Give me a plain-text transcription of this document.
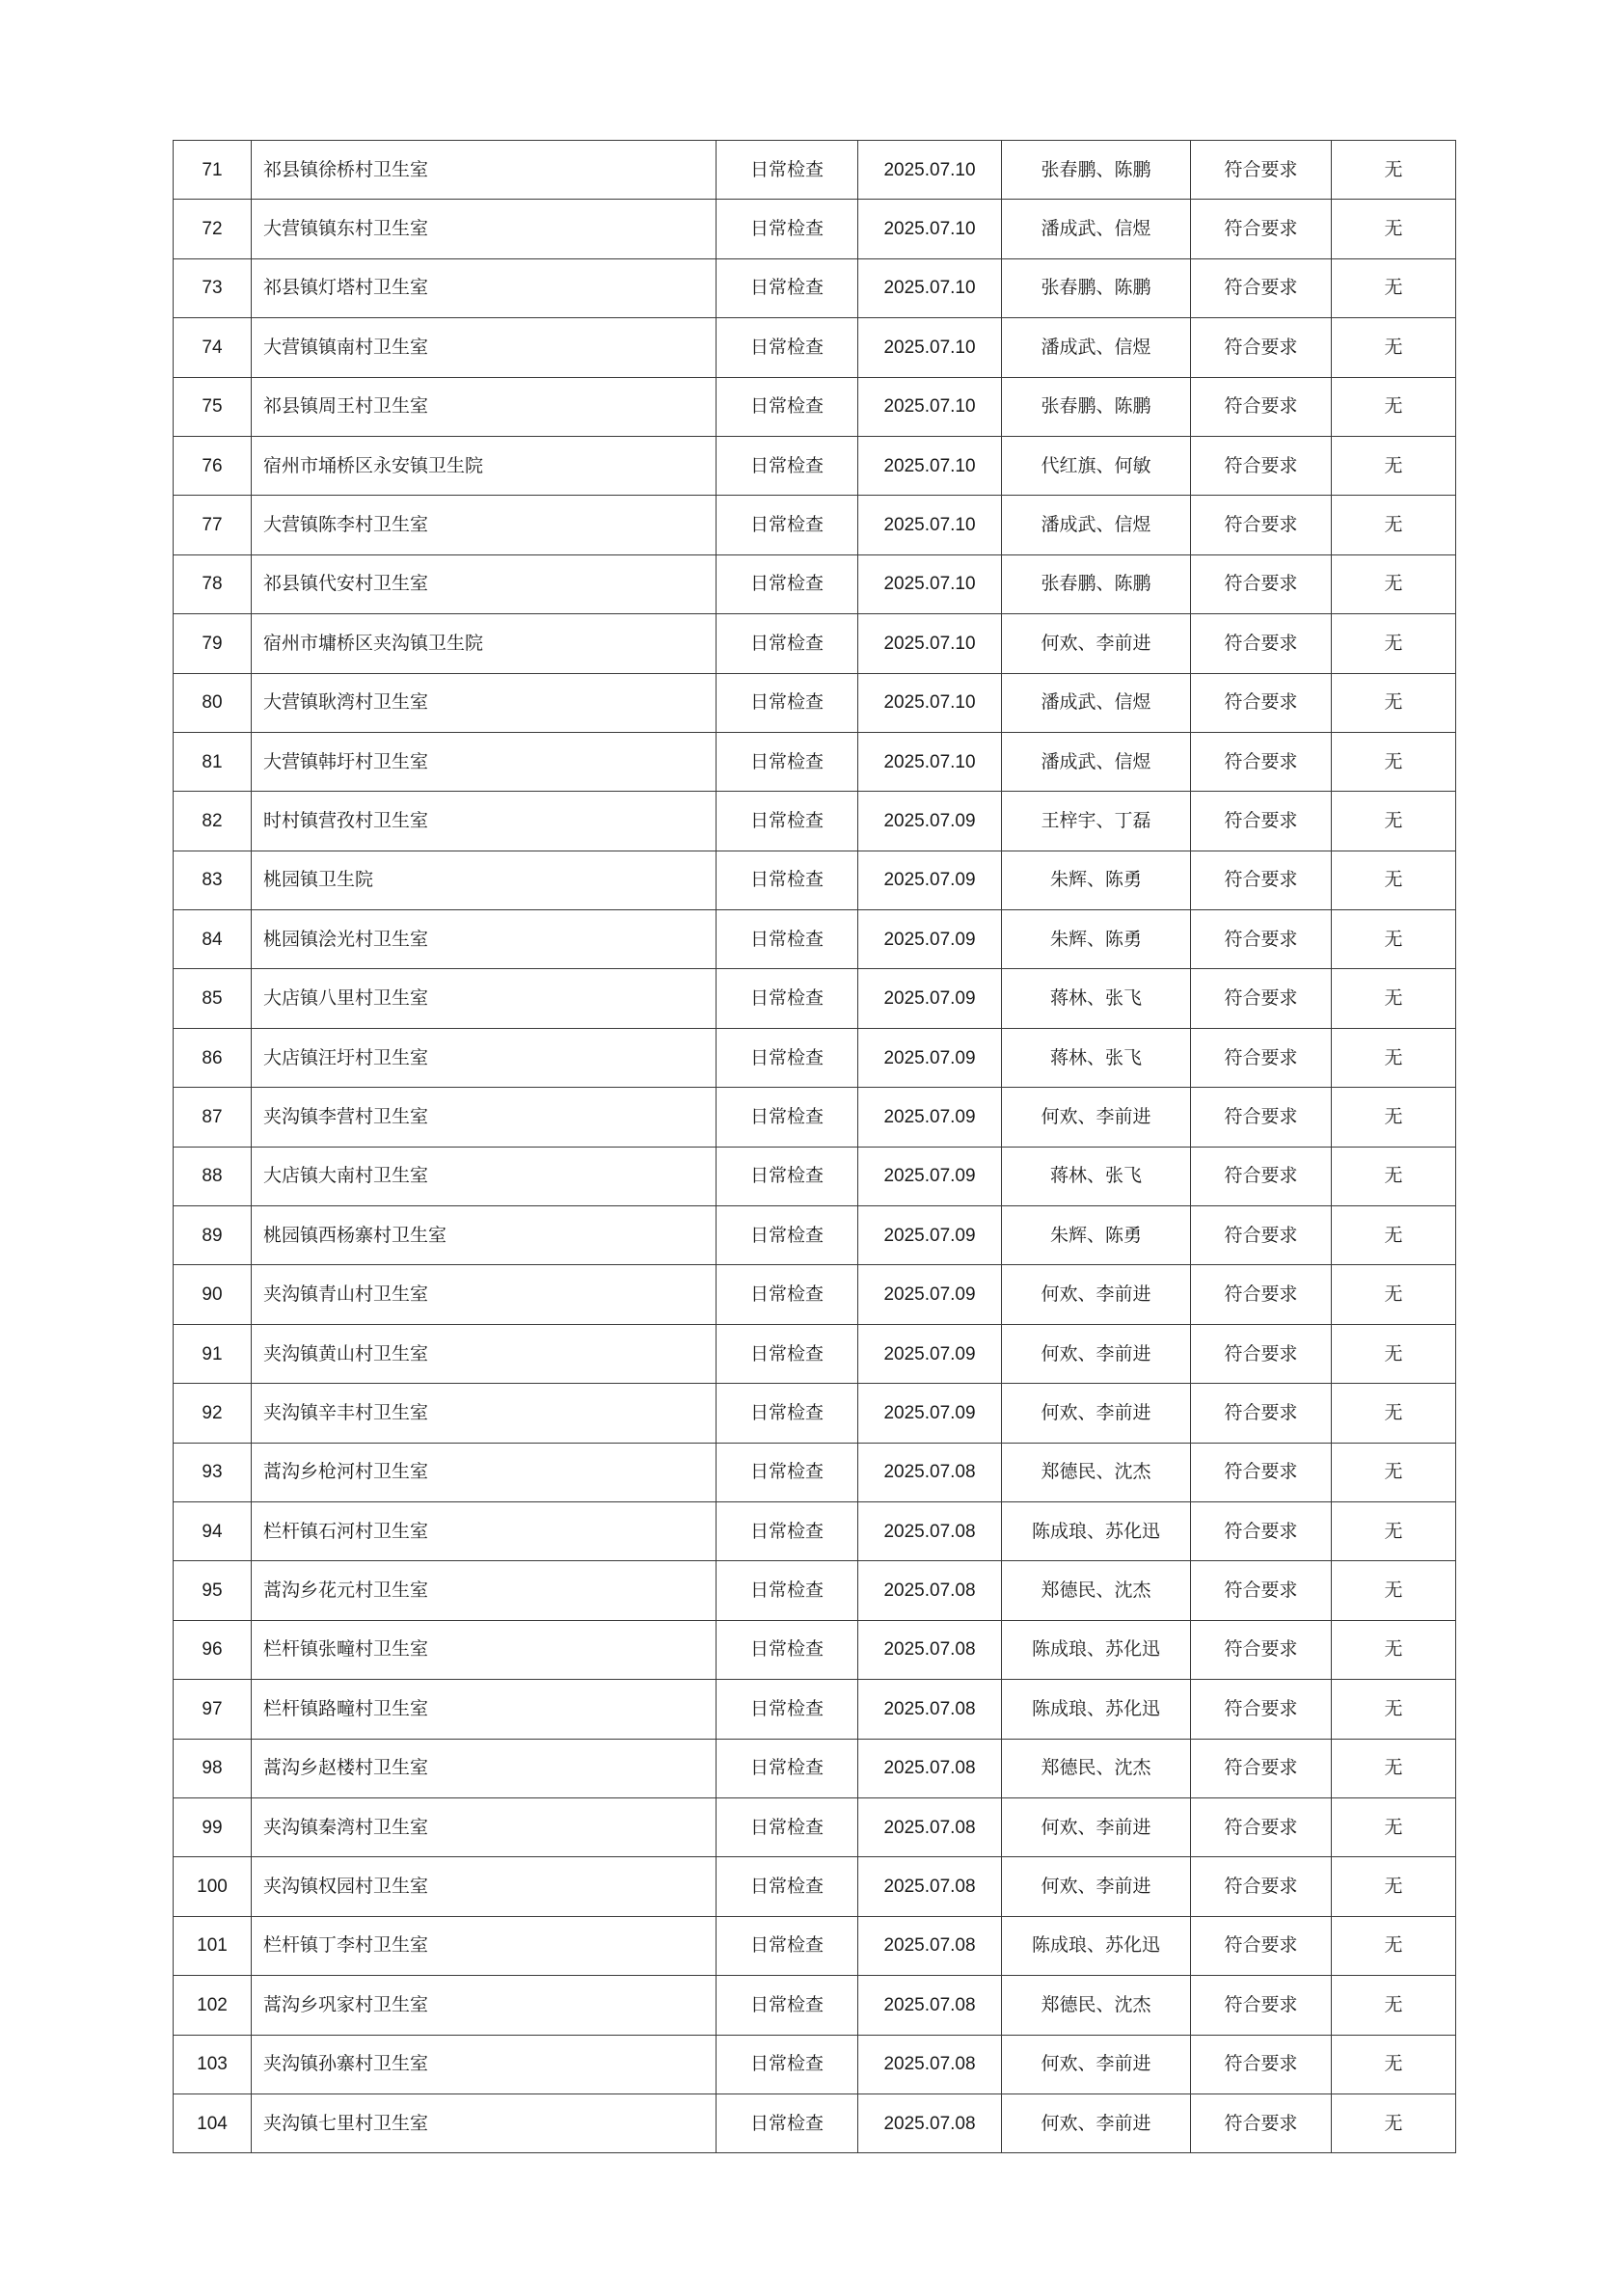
71	祁县镇徐桥村卫生室	日常检查	2025.07.10	张春鹏、陈鹏	符合要求	无
72	大营镇镇东村卫生室	日常检查	2025.07.10	潘成武、信煜	符合要求	无
73	祁县镇灯塔村卫生室	日常检查	2025.07.10	张春鹏、陈鹏	符合要求	无
74	大营镇镇南村卫生室	日常检查	2025.07.10	潘成武、信煜	符合要求	无
75	祁县镇周王村卫生室	日常检查	2025.07.10	张春鹏、陈鹏	符合要求	无
76	宿州市埇桥区永安镇卫生院	日常检查	2025.07.10	代红旗、何敏	符合要求	无
77	大营镇陈李村卫生室	日常检查	2025.07.10	潘成武、信煜	符合要求	无
78	祁县镇代安村卫生室	日常检查	2025.07.10	张春鹏、陈鹏	符合要求	无
79	宿州市墉桥区夹沟镇卫生院	日常检查	2025.07.10	何欢、李前进	符合要求	无
80	大营镇耿湾村卫生室	日常检查	2025.07.10	潘成武、信煜	符合要求	无
81	大营镇韩圩村卫生室	日常检查	2025.07.10	潘成武、信煜	符合要求	无
82	时村镇营孜村卫生室	日常检查	2025.07.09	王梓宇、丁磊	符合要求	无
83	桃园镇卫生院	日常检查	2025.07.09	朱辉、陈勇	符合要求	无
84	桃园镇浍光村卫生室	日常检查	2025.07.09	朱辉、陈勇	符合要求	无
85	大店镇八里村卫生室	日常检查	2025.07.09	蒋林、张飞	符合要求	无
86	大店镇汪圩村卫生室	日常检查	2025.07.09	蒋林、张飞	符合要求	无
87	夹沟镇李营村卫生室	日常检查	2025.07.09	何欢、李前进	符合要求	无
88	大店镇大南村卫生室	日常检查	2025.07.09	蒋林、张飞	符合要求	无
89	桃园镇西杨寨村卫生室	日常检查	2025.07.09	朱辉、陈勇	符合要求	无
90	夹沟镇青山村卫生室	日常检查	2025.07.09	何欢、李前进	符合要求	无
91	夹沟镇黄山村卫生室	日常检查	2025.07.09	何欢、李前进	符合要求	无
92	夹沟镇辛丰村卫生室	日常检查	2025.07.09	何欢、李前进	符合要求	无
93	蒿沟乡枪河村卫生室	日常检查	2025.07.08	郑德民、沈杰	符合要求	无
94	栏杆镇石河村卫生室	日常检查	2025.07.08	陈成琅、苏化迅	符合要求	无
95	蒿沟乡花元村卫生室	日常检查	2025.07.08	郑德民、沈杰	符合要求	无
96	栏杆镇张疃村卫生室	日常检查	2025.07.08	陈成琅、苏化迅	符合要求	无
97	栏杆镇路疃村卫生室	日常检查	2025.07.08	陈成琅、苏化迅	符合要求	无
98	蒿沟乡赵楼村卫生室	日常检查	2025.07.08	郑德民、沈杰	符合要求	无
99	夹沟镇秦湾村卫生室	日常检查	2025.07.08	何欢、李前进	符合要求	无
100	夹沟镇权园村卫生室	日常检查	2025.07.08	何欢、李前进	符合要求	无
101	栏杆镇丁李村卫生室	日常检查	2025.07.08	陈成琅、苏化迅	符合要求	无
102	蒿沟乡巩家村卫生室	日常检查	2025.07.08	郑德民、沈杰	符合要求	无
103	夹沟镇孙寨村卫生室	日常检查	2025.07.08	何欢、李前进	符合要求	无
104	夹沟镇七里村卫生室	日常检查	2025.07.08	何欢、李前进	符合要求	无
